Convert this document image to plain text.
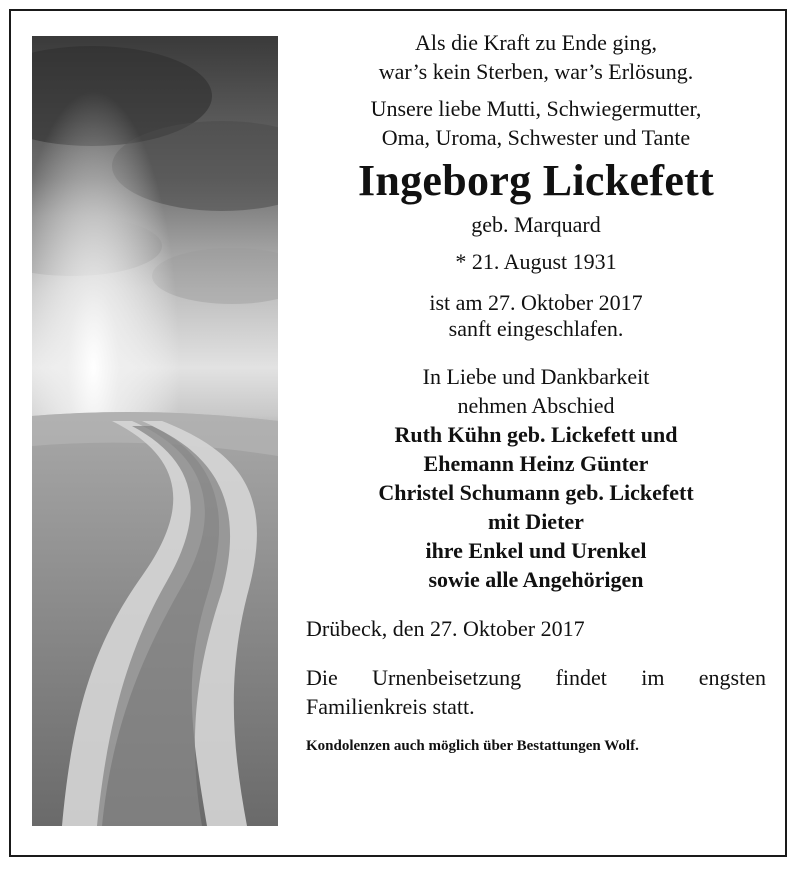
Als die Kraft zu Ende ging,
war’s kein Sterben, war’s Erlösung.
Unsere liebe Mutti, Schwiegermutter,
Oma, Uroma, Schwester und Tante
Ingeborg Lickefett
geb. Marquard
* 21. August 1931
ist am 27. Oktober 2017
sanft eingeschlafen.
In Liebe und Dankbarkeit
nehmen Abschied
Ruth Kühn geb. Lickefett und
Ehemann Heinz Günter
Christel Schumann geb. Lickefett
mit Dieter
ihre Enkel und Urenkel
sowie alle Angehörigen
Drübeck, den 27. Oktober 2017
Die Urnenbeisetzung findet im engsten
Familienkreis statt.
Kondolenzen auch möglich über Bestattungen Wolf.
